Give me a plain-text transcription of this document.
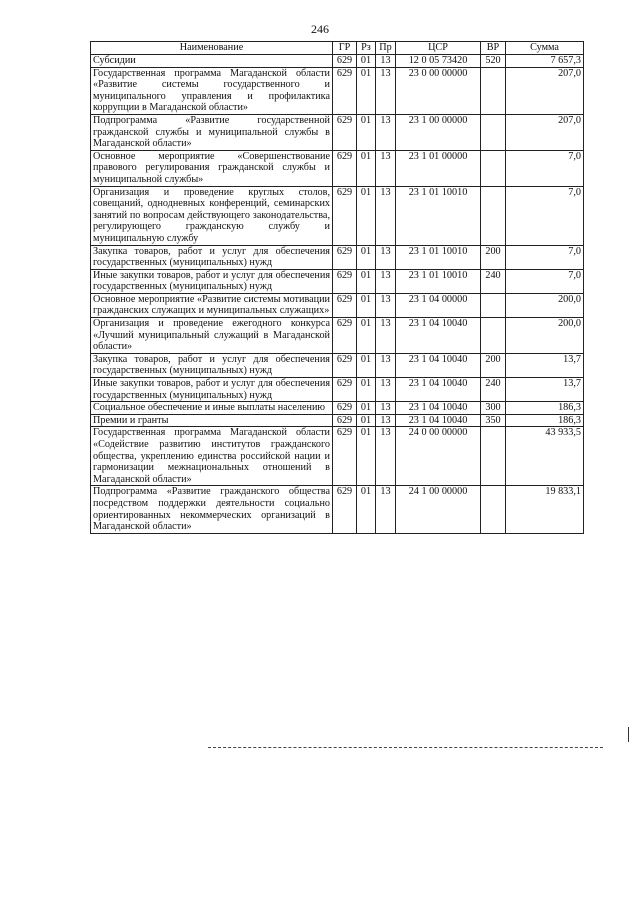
246
Наименование	ГР	Рз	Пр	ЦСР	ВР	Сумма
Субсидии	629	01	13	12 0 05 73420	520	7 657,3
Государственная программа Магаданской области «Развитие системы государственного и муниципального управления и профилактика коррупции в Магаданской области»	629	01	13	23 0 00 00000		207,0
Подпрограмма «Развитие государственной гражданской службы и муниципальной службы в Магаданской области»	629	01	13	23 1 00 00000		207,0
Основное мероприятие «Совершенствование правового регулирования гражданской службы и муниципальной службы»	629	01	13	23 1 01 00000		7,0
Организация и проведение круглых столов, совещаний, однодневных конференций, семинарских занятий по вопросам действующего законодательства, регулирующего гражданскую службу и муниципальную службу	629	01	13	23 1 01 10010		7,0
Закупка товаров, работ и услуг для обеспечения государственных (муниципальных) нужд	629	01	13	23 1 01 10010	200	7,0
Иные закупки товаров, работ и услуг для обеспечения государственных (муниципальных) нужд	629	01	13	23 1 01 10010	240	7,0
Основное мероприятие «Развитие системы мотивации гражданских служащих и муниципальных служащих»	629	01	13	23 1 04 00000		200,0
Организация и проведение ежегодного конкурса «Лучший муниципальный служащий в Магаданской области»	629	01	13	23 1 04 10040		200,0
Закупка товаров, работ и услуг для обеспечения государственных (муниципальных) нужд	629	01	13	23 1 04 10040	200	13,7
Иные закупки товаров, работ и услуг для обеспечения государственных (муниципальных) нужд	629	01	13	23 1 04 10040	240	13,7
Социальное обеспечение и иные выплаты населению	629	01	13	23 1 04 10040	300	186,3
Премии и гранты	629	01	13	23 1 04 10040	350	186,3
Государственная программа Магаданской области «Содействие развитию институтов гражданского общества, укреплению единства российской нации и гармонизации межнациональных отношений в Магаданской области»	629	01	13	24 0 00 00000		43 933,5
Подпрограмма «Развитие гражданского общества посредством поддержки деятельности социально ориентированных некоммерческих организаций в Магаданской области»	629	01	13	24 1 00 00000		19 833,1
